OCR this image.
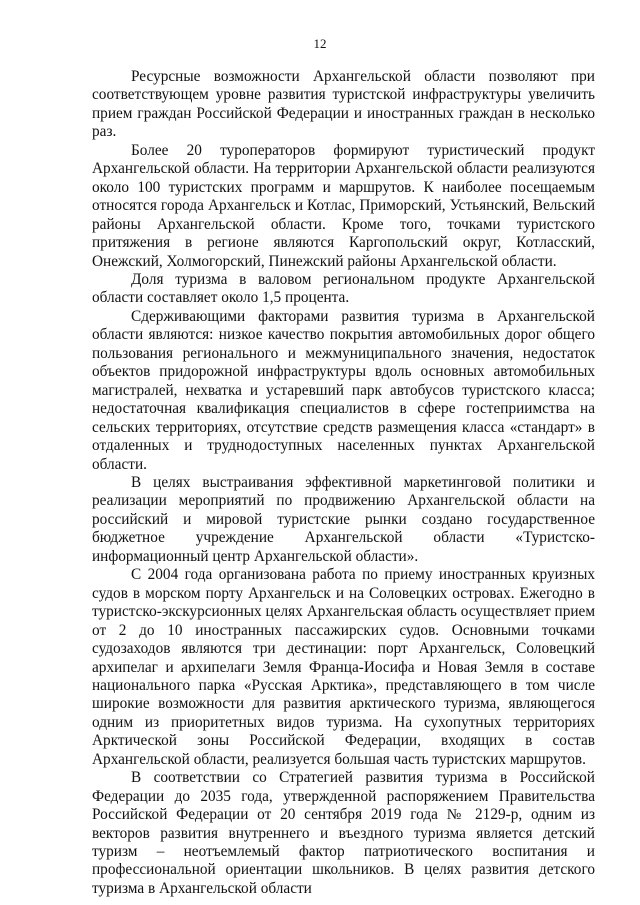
12

Ресурсные возможности Архангельской области позволяют при соответствующем уровне развития туристской инфраструктуры увеличить прием граждан Российской Федерации и иностранных граждан в несколько раз.

Более 20 туроператоров формируют туристический продукт Архангельской области. На территории Архангельской области реализуются около 100 туристских программ и маршрутов. К наиболее посещаемым относятся города Архангельск и Котлас, Приморский, Устьянский, Вельский районы Архангельской области. Кроме того, точками туристского притяжения в регионе являются Каргопольский округ, Котласский, Онежский, Холмогорский, Пинежский районы Архангельской области.

Доля туризма в валовом региональном продукте Архангельской области составляет около 1,5 процента.

Сдерживающими факторами развития туризма в Архангельской области являются: низкое качество покрытия автомобильных дорог общего пользования регионального и межмуниципального значения, недостаток объектов придорожной инфраструктуры вдоль основных автомобильных магистралей, нехватка и устаревший парк автобусов туристского класса; недостаточная квалификация специалистов в сфере гостеприимства на сельских территориях, отсутствие средств размещения класса «стандарт» в отдаленных и труднодоступных населенных пунктах Архангельской области.

В целях выстраивания эффективной маркетинговой политики и реализации мероприятий по продвижению Архангельской области на российский и мировой туристские рынки создано государственное бюджетное учреждение Архангельской области «Туристско-информационный центр Архангельской области».

С 2004 года организована работа по приему иностранных круизных судов в морском порту Архангельск и на Соловецких островах. Ежегодно в туристско-экскурсионных целях Архангельская область осуществляет прием от 2 до 10 иностранных пассажирских судов. Основными точками судозаходов являются три дестинации: порт Архангельск, Соловецкий архипелаг и архипелаги Земля Франца-Иосифа и Новая Земля в составе национального парка «Русская Арктика», представляющего в том числе широкие возможности для развития арктического туризма, являющегося одним из приоритетных видов туризма. На сухопутных территориях Арктической зоны Российской Федерации, входящих в состав Архангельской области, реализуется большая часть туристских маршрутов.

В соответствии со Стратегией развития туризма в Российской Федерации до 2035 года, утвержденной распоряжением Правительства Российской Федерации от 20 сентября 2019 года № 2129-р, одним из векторов развития внутреннего и въездного туризма является детский туризм – неотъемлемый фактор патриотического воспитания и профессиональной ориентации школьников. В целях развития детского туризма в Архангельской области
